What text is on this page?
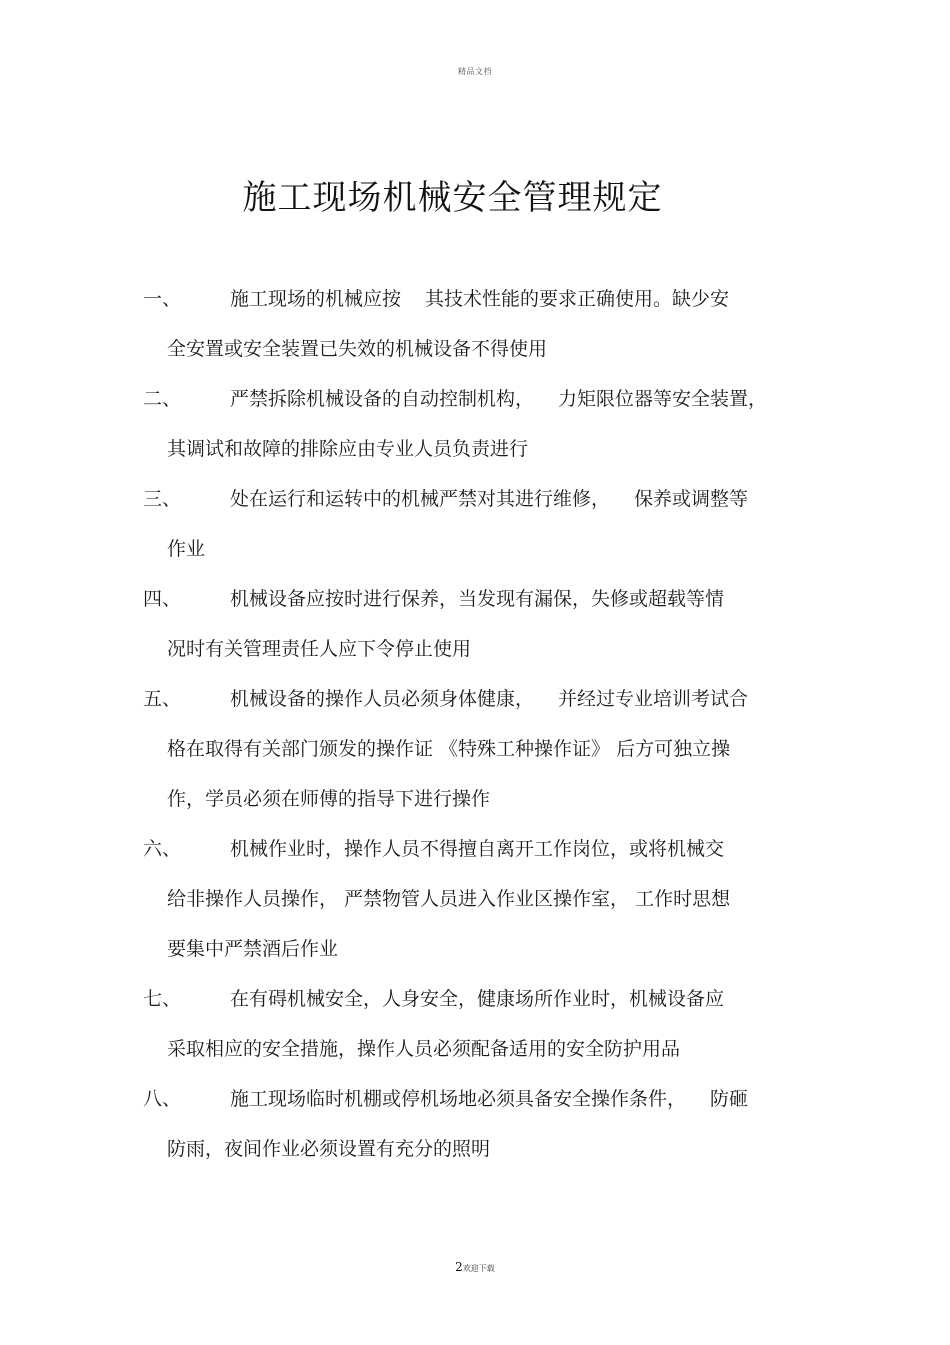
精品文档
施工现场机械安全管理规定
一、	施工现场的机械应按 其技术性能的要求正确使用。缺少安
全安置或安全装置已失效的机械设备不得使用
二、	严禁拆除机械设备的自动控制机构， 力矩限位器等安全装置，
其调试和故障的排除应由专业人员负责进行
三、	处在运行和运转中的机械严禁对其进行维修， 保养或调整等
作业
四、	机械设备应按时进行保养，当发现有漏保，失修或超载等情
况时有关管理责任人应下令停止使用
五、	机械设备的操作人员必须身体健康， 并经过专业培训考试合
格在取得有关部门颁发的操作证 《特殊工种操作证》 后方可独立操
作，学员必须在师傅的指导下进行操作
六、	机械作业时，操作人员不得擅自离开工作岗位，或将机械交
给非操作人员操作， 严禁物管人员进入作业区操作室， 工作时思想
要集中严禁酒后作业
七、	在有碍机械安全，人身安全，健康场所作业时，机械设备应
采取相应的安全措施，操作人员必须配备适用的安全防护用品
八、	施工现场临时机棚或停机场地必须具备安全操作条件， 防砸
防雨，夜间作业必须设置有充分的照明
2欢迎下载
